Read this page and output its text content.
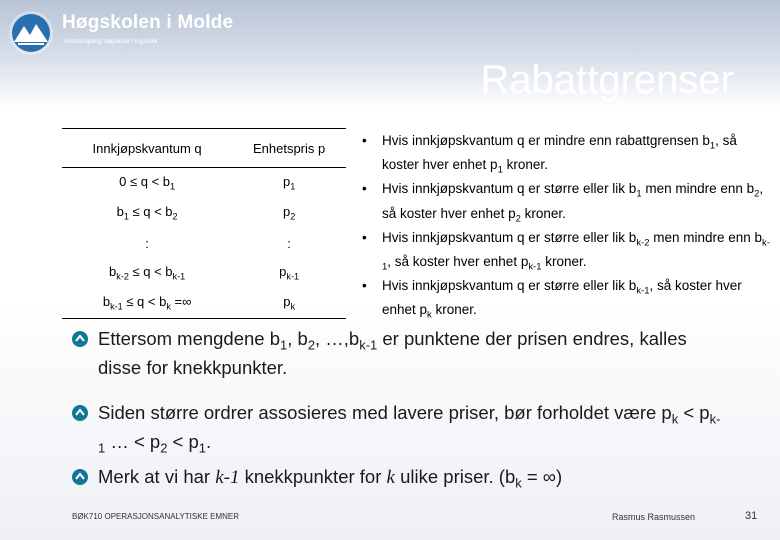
Høgskolen i Molde
vitenskapelig høgskole i logistikk
Rabattgrenser
Innkjøpskvantum q	Enhetspris p
$0 \le q < b_1$	$p_1$
$b_1 \le q < b_2$	$p_2$
:	:
$b_{k-2} \le q < b_{k-1}$	$p_{k-1}$
$b_{k-1} \le q < b_k$ =∞	$p_k$
• Hvis innkjøpskvantum q er mindre enn rabattgrensen $b_1$, så koster hver enhet $p_1$ kroner.
• Hvis innkjøpskvantum q er større eller lik $b_1$ men mindre enn $b_2$, så koster hver enhet $p_2$ kroner.
• Hvis innkjøpskvantum q er større eller lik $b_{k-2}$ men mindre enn $b_{k-1}$, så koster hver enhet $p_{k-1}$ kroner.
• Hvis innkjøpskvantum q er større eller lik $b_{k-1}$, så koster hver enhet $p_k$ kroner.
Ettersom mengdene $b_1$, $b_2$, $\dots,b_{k-1}$ er punktene der prisen endres, kalles disse for knekkpunkter.
Siden større ordrer assosieres med lavere priser, bør forholdet være $p_k < p_{k-1}$ … < $p_2 < p_1$.
Merk at vi har k-1 knekkpunkter for k ulike priser. ($b_k$ = ∞)
BØK710 OPERASJONSANALYTISKE EMNER	Rasmus Rasmussen	31
